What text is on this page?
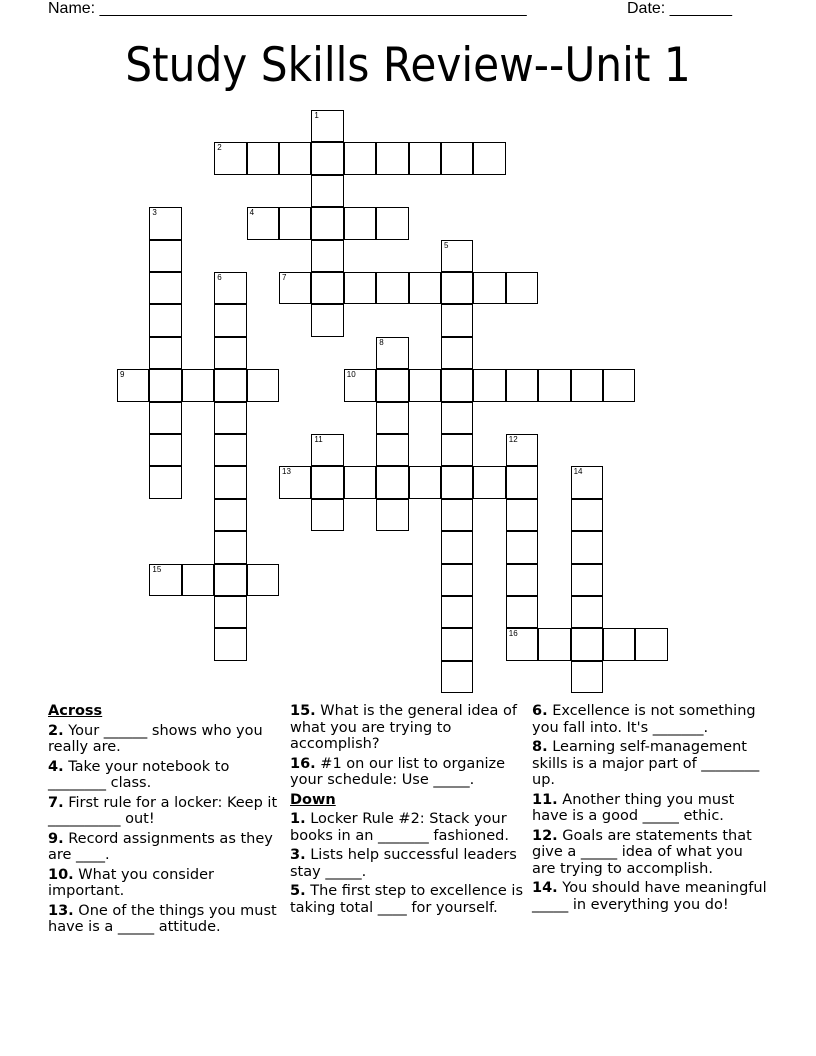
Name: ________________________________________________	Date: _______
Study Skills Review--Unit 1
1
2
3	4
5
6	7
8
9	10
11	12
16
13	14
15
Across

2. Your ______ shows who you really are.

4. Take your notebook to ________ class.

7. First rule for a locker: Keep it __________ out!

9. Record assignments as they are ____.

10. What you consider important.

13. One of the things you must have is a _____ attitude.

15. What is the general idea of what you are trying to accomplish?

16. #1 on our list to organize your schedule: Use _____.

Down

1. Locker Rule #2: Stack your books in an _______ fashioned.

3. Lists help successful leaders stay _____.

5. The first step to excellence is taking total ____ for yourself.

6. Excellence is not something you fall into. It's _______.

8. Learning self-management skills is a major part of ________ up.

11. Another thing you must have is a good _____ ethic.

12. Goals are statements that give a _____ idea of what you are trying to accomplish.

14. You should have meaningful _____ in everything you do!
